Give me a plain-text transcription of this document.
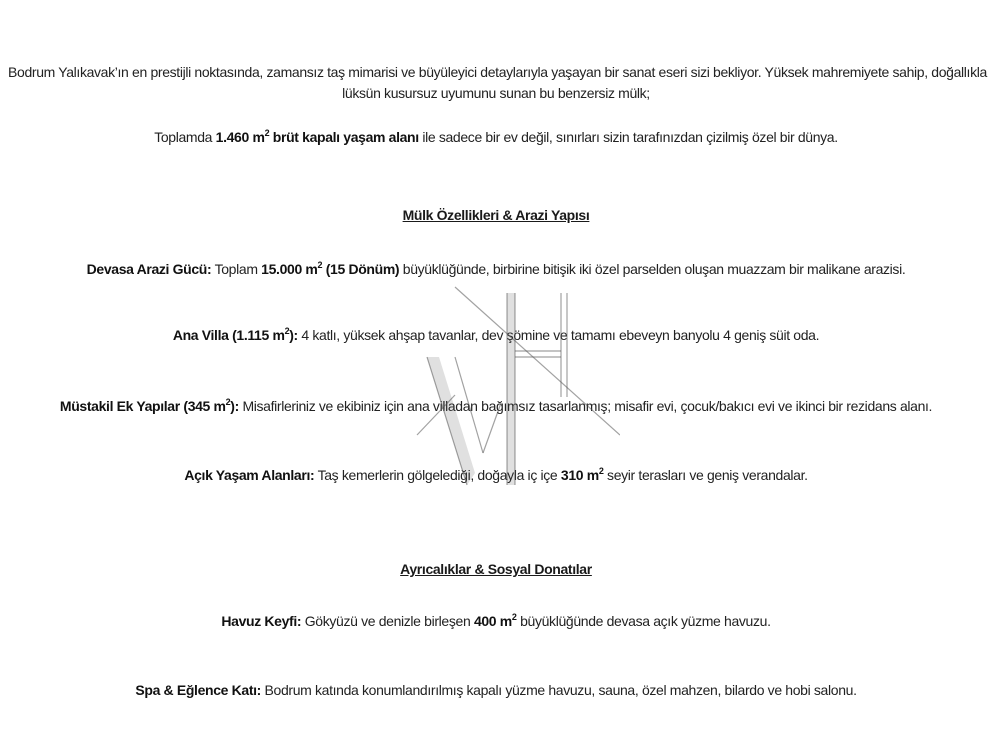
Bodrum Yalıkavak’ın en prestijli noktasında, zamansız taş mimarisi ve büyüleyici detaylarıyla yaşayan bir sanat eseri sizi bekliyor. Yüksek mahremiyete sahip, doğallıkla
lüksün kusursuz uyumunu sunan bu benzersiz mülk;
Toplamda 1.460 $m^2$ brüt kapalı yaşam alanı ile sadece bir ev değil, sınırları sizin tarafınızdan çizilmiş özel bir dünya.
Mülk Özellikleri & Arazi Yapısı
Devasa Arazi Gücü: Toplam 15.000 $m^2$ (15 Dönüm) büyüklüğünde, birbirine bitişik iki özel parselden oluşan muazzam bir malikane arazisi.
Ana Villa (1.115 $m^2$): 4 katlı, yüksek ahşap tavanlar, dev şömine ve tamamı ebeveyn banyolu 4 geniş süit oda.
Müstakil Ek Yapılar (345 $m^2$): Misafirleriniz ve ekibiniz için ana villadan bağımsız tasarlanmış; misafir evi, çocuk/bakıcı evi ve ikinci bir rezidans alanı.
Açık Yaşam Alanları: Taş kemerlerin gölgelediği, doğayla iç içe 310 $m^2$ seyir terasları ve geniş verandalar.
Ayrıcalıklar & Sosyal Donatılar
Havuz Keyfi: Gökyüzü ve denizle birleşen 400 $m^2$ büyüklüğünde devasa açık yüzme havuzu.
Spa & Eğlence Katı: Bodrum katında konumlandırılmış kapalı yüzme havuzu, sauna, özel mahzen, bilardo ve hobi salonu.
